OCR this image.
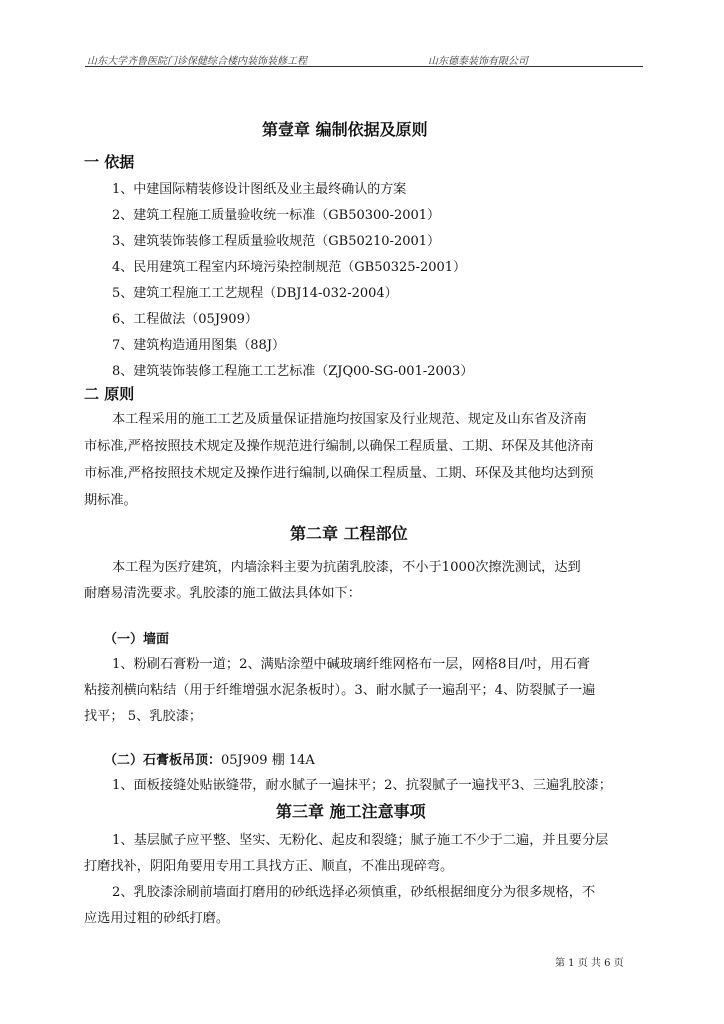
山东大学齐鲁医院门诊保健综合楼内装饰装修工程	山东德泰装饰有限公司
第壹章 编制依据及原则
一 依据
1、中建国际精装修设计图纸及业主最终确认的方案
2、建筑工程施工质量验收统一标准（GB50300-2001）
3、建筑装饰装修工程质量验收规范（GB50210-2001）
4、民用建筑工程室内环境污染控制规范（GB50325-2001）
5、建筑工程施工工艺规程（DBJ14-032-2004）
6、工程做法（05J909）
7、建筑构造通用图集（88J）
8、建筑装饰装修工程施工工艺标准（ZJQ00-SG-001-2003）
二 原则
本工程采用的施工工艺及质量保证措施均按国家及行业规范、规定及山东省及济南
市标准,严格按照技术规定及操作规范进行编制,以确保工程质量、工期、环保及其他济南
市标准,严格按照技术规定及操作进行编制,以确保工程质量、工期、环保及其他均达到预
期标准。
第二章 工程部位
本工程为医疗建筑，内墙涂料主要为抗菌乳胶漆，不小于1000次擦洗测试，达到
耐磨易清洗要求。乳胶漆的施工做法具体如下：
（一）墙面
1、粉刷石膏粉一道；2、满贴涂塑中碱玻璃纤维网格布一层，网格8目/吋，用石膏
粘接剂横向粘结（用于纤维增强水泥条板时）。3、耐水腻子一遍刮平；4、防裂腻子一遍
找平； 5、乳胶漆；
（二）石膏板吊顶：05J909 棚 14A
1、面板接缝处贴嵌缝带，耐水腻子一遍抹平；2、抗裂腻子一遍找平3、三遍乳胶漆；
第三章 施工注意事项
1、基层腻子应平整、坚实、无粉化、起皮和裂缝；腻子施工不少于二遍，并且要分层
打磨找补，阴阳角要用专用工具找方正、顺直，不准出现碎弯。
2、乳胶漆涂刷前墙面打磨用的砂纸选择必须慎重，砂纸根据细度分为很多规格，不
应选用过粗的砂纸打磨。
第 1 页 共 6 页
